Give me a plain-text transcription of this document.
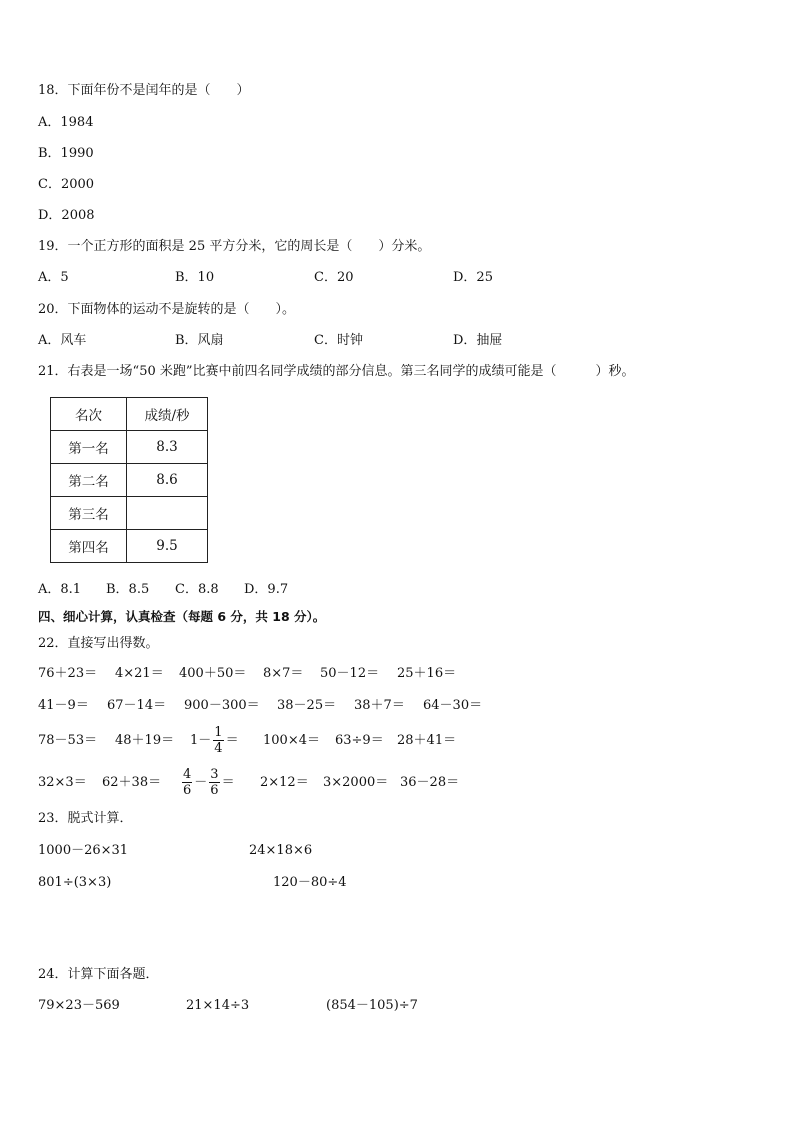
18．下面年份不是闰年的是（　　）
A．1984
B．1990
C．2000
D．2008
19．一个正方形的面积是 25 平方分米，它的周长是（　　）分米。
A．5	B．10	C．20	D．25
20．下面物体的运动不是旋转的是（　　）。
A．风车	B．风扇	C．时钟	D．抽屉
21．右表是一场“50 米跑”比赛中前四名同学成绩的部分信息。第三名同学的成绩可能是（　　　）秒。
名次	成绩/秒
第一名	8.3
第二名	8.6
第三名	
第四名	9.5
A．8.1 B．8.5 C．8.8 D．9.7
四、细心计算，认真检查（每题 6 分，共 18 分）。
22．直接写出得数。
76＋23＝ 4×21＝ 400＋50＝ 8×7＝ 50－12＝ 25＋16＝
41－9＝ 67－14＝ 900－300＝ 38－25＝ 38＋7＝ 64－30＝
$78-53= 48+19= 1- \frac{1}{4} = 100\times 4= 63\div 9= 28+41=$
$32\times 3= 62+38= \frac{4}{6} - \frac{3}{6} = 2\times 12= 3\times 2000= 36-28=$
23．脱式计算．
1000－26×31	24×18×6
801÷(3×3)	120－80÷4
24．计算下面各题．
79×23－569	21×14÷3	(854－105)÷7
